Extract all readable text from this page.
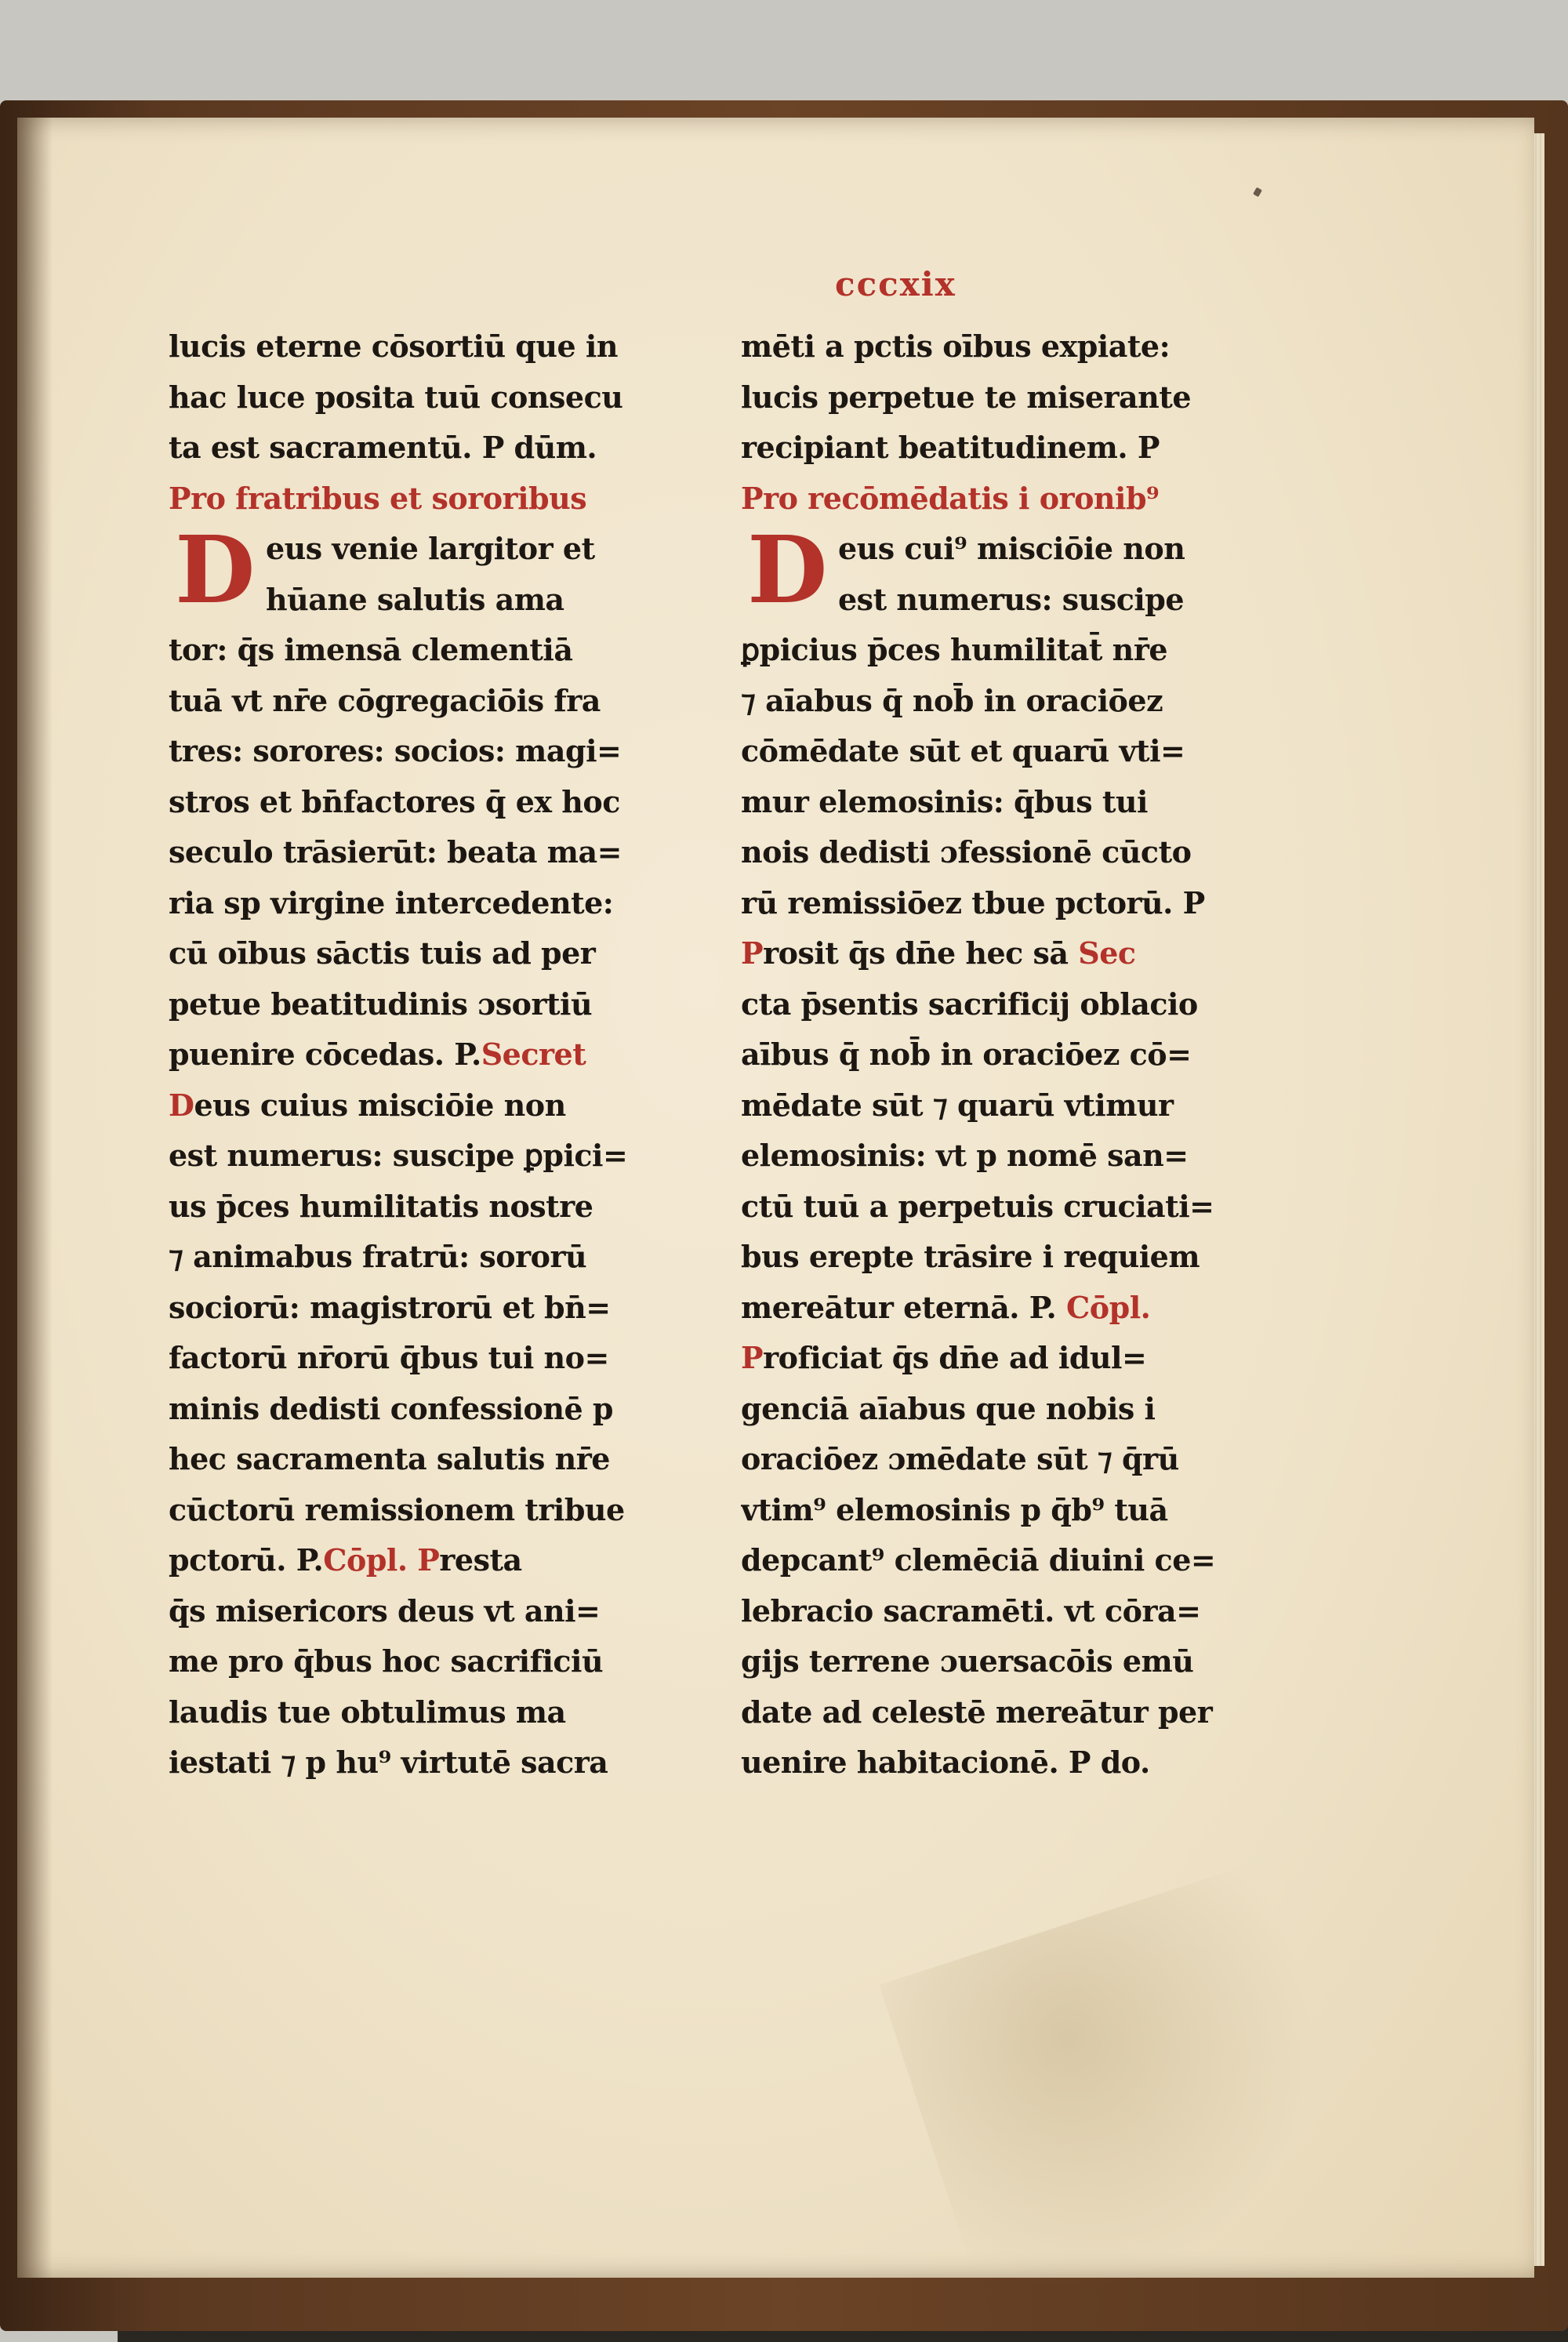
cccxix
lucis eterne cōsortiū que in
hac luce posita tuū consecu
ta est sacramentū. P dūm.
Pro fratribus et sororibus
D eus venie largitor et
hūane salutis ama
tor: q̄s imensā clementiā
tuā vt nr̄e cōgregaciōis fra
tres: sorores: socios: magi=
stros et bn̄factores q̄ ex hoc
seculo trāsierūt: beata ma=
ria sp virgine intercedente:
cū oībus sāctis tuis ad per
petue beatitudinis ɔsortiū
puenire cōcedas. P.Secret
Deus cuius misciōie non
est numerus: suscipe ꝑpici=
us p̄ces humilitatis nostre
⁊ animabus fratrū: sororū
sociorū: magistrorū et bn̄=
factorū nr̄orū q̄bus tui no=
minis dedisti confessionē p
hec sacramenta salutis nr̄e
cūctorū remissionem tribue
pctorū. P.Cōpl. Presta
q̄s misericors deus vt ani=
me pro q̄bus hoc sacrificiū
laudis tue obtulimus ma
iestati ⁊ p hu⁹ virtutē sacra
mēti a pctis oībus expiate:
lucis perpetue te miserante
recipiant beatitudinem. P
Pro recōmēdatis i oronib⁹
D eus cui⁹ misciōie non
est numerus: suscipe
ꝑpicius p̄ces humilitat̄ nr̄e
⁊ aīabus q̄ nob̄ in oraciōez
cōmēdate sūt et quarū vti=
mur elemosinis: q̄bus tui
nois dedisti ɔfessionē cūcto
rū remissiōez tbue pctorū. P
Prosit q̄s dn̄e hec sā Sec
cta p̄sentis sacrificij oblacio
aībus q̄ nob̄ in oraciōez cō=
mēdate sūt ⁊ quarū vtimur
elemosinis: vt p nomē san=
ctū tuū a perpetuis cruciati=
bus erepte trāsire i requiem
mereātur eternā. P. Cōpl.
Proficiat q̄s dn̄e ad idul=
genciā aīabus que nobis i
oraciōez ɔmēdate sūt ⁊ q̄rū
vtim⁹ elemosinis p q̄b⁹ tuā
depcant⁹ clemēciā diuini ce=
lebracio sacramēti. vt cōra=
gijs terrene ɔuersacōis emū
date ad celestē mereātur per
uenire habitacionē. P do.
